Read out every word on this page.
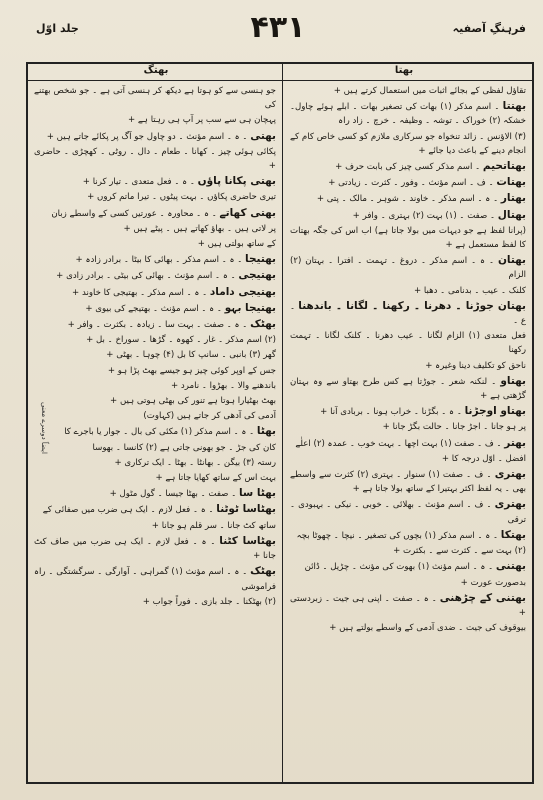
جلد اوّل	۴۳۱	فرہنگِ آصفیہ
بھتا
بھتگ
تقاؤل لفظی کے بجائے اثبات میں استعمال کرتے ہیں +
بھتتا ۔ اسم مذکر (۱) بھات کی تصغیر بھات ۔ ابلے ہوئے چاول۔ خشکہ (۲) خوراک ۔ توشہ ۔ وظیفہ ۔ خرچ ۔ زاد راہ
(۳) الاؤنس ۔ زائد تنخواہ جو سرکاری ملازم کو کسی خاص کام کے انجام دینے کے باعث دیا جائے +
بھتاتحیم ۔ اسم مذکر کسی چیز کی بابت حرف +
بھتات ۔ ف ۔ اسم مؤنث ۔ وفور ۔ کثرت ۔ زیادتی +
بھتار ۔ ہ ۔ اسم مذکر ۔ خاوند ۔ شوہر ۔ مالک ۔ پتی +
بھتال ۔ صفت ۔ (۱) بہت (۲) بہتری ۔ وافر +
(پرانا لفظ ہے جو دیہات میں بولا جاتا ہے) اب اس کی جگہ بھتات کا لفظ مستعمل ہے +
بھتان ۔ ہ ۔ اسم مذکر ۔ دروغ ۔ تہمت ۔ افترا ۔ بہتان (۲) الزام
کلنک ۔ عیب ۔ بدنامی ۔ دھبا +
بھتان جوڑنا ۔ دھرنا ۔ رکھنا ۔ لگانا ۔ باندھنا ۔ ع ۔
فعل متعدی (۱) الزام لگانا ۔ عیب دھرنا ۔ کلنک لگانا ۔ تہمت رکھنا
ناحق کو تکلیف دینا وغیرہ +
بھتاو ۔ لنکنہ شعر ۔ جوڑتا ہے کس طرح بھتاو سے وہ بہتان گڑھتی ہے +
بھتاو اوجڑنا ۔ ہ ۔ بگڑنا ۔ خراب ہونا ۔ بربادی آنا +
پر ہو جانا ۔ اجڑ جانا ۔ حالت بگڑ جانا +
بھتر ۔ ف ۔ صفت (۱) بہت اچھا ۔ بہت خوب ۔ عمدہ (۲) اعلٰے
افضل ۔ اوّل درجہ کا +
بھتری ۔ ف ۔ صفت (۱) سنوار ۔ بہتری (۲) کثرت سے واسطے بھی ۔ یہ لفظ اکثر بہتیرا کے ساتھ بولا جاتا ہے +
بھتری ۔ ف ۔ اسم مؤنث ۔ بھلائی ۔ خوبی ۔ نیکی ۔ بہبودی ۔ ترقی
بھتکا ۔ ہ ۔ اسم مذکر (۱) بچوں کی تصغیر ۔ نیچا ۔ چھوٹا بچہ
(۲) بہت سے ۔ کثرت سے ۔ بکثرت +
بھتنی ۔ ہ ۔ اسم مؤنث (۱) بھوت کی مؤنث ۔ چڑیل ۔ ڈائن
بدصورت عورت +
بھتنی کے چڑھنی ۔ ہ ۔ صفت ۔ اپنی ہی جیت ۔ زبردستی +
بیوقوف کی جیت ۔ ضدی آدمی کے واسطے بولتے ہیں +
جو ہنسی سے کو ہوتا ہے دیکھ کر ہنسی آتی ہے ۔ جو شخص بھتنے کی
پہچان ہی سے سب پر آپ ہی رہتا ہے +
بھتی ۔ ہ ۔ اسم مؤنث ۔ دو چاول جو آگ پر پکائے جاتے ہیں +
پکائی ہوئی چیز ۔ کھانا ۔ طعام ۔ دال ۔ روٹی ۔ کھچڑی ۔ حاضری +
بھتی پکانا پاؤں ۔ ہ ۔ فعل متعدی ۔ تیار کرنا +
تیری حاضری پکاؤں ۔ بہت پیٹوں ۔ تیرا ماتم کروں +
بھتی کھاتے ۔ ہ ۔ محاورہ ۔ عورتیں کسی کے واسطے زبان
پر لاتی ہیں ۔ بھاؤ کھاتے ہیں ۔ پیٹے ہیں +
کے ساتھ بولتی ہیں +
بھتیجا ۔ ہ ۔ اسم مذکر ۔ بھائی کا بیٹا ۔ برادر زادہ +
بھتیجی ۔ ہ ۔ اسم مؤنث ۔ بھائی کی بیٹی ۔ برادر زادی +
بھتیجی داماد ۔ ہ ۔ اسم مذکر ۔ بھتیجی کا خاوند +
بھتیجا بہو ۔ ہ ۔ اسم مؤنث ۔ بھتیجے کی بیوی +
بھٹک ۔ ہ ۔ صفت ۔ بہت سا ۔ زیادہ ۔ بکثرت ۔ وافر +
(۲) اسم مذکر ۔ غار ۔ کھوہ ۔ گڑھا ۔ سوراخ ۔ بل +
گھر (۳) بانبی ۔ سانپ کا بل (۴) چوہا ۔ بھٹی +
جس کے اوپر کوئی چیز ہو جیسے بھٹ پڑا ہو +
باندھنے والا ۔ بھڑوا ۔ نامرد +
بھٹ بھٹیارا ہوتا ہے تنور کی بھٹی ہوتی ہیں +
آدمی کی آدھی کر جاتے ہیں (کہاوت)
بھٹا ۔ ہ ۔ اسم مذکر (۱) مکئی کی بال ۔ جوار یا باجرے کا
کان کی جڑ ۔ جو بھونی جاتی ہے (۲) کانسا ۔ بھوسا
رستہ (۳) بیگن ۔ بھانٹا ۔ بھٹا ۔ ایک ترکاری +
بہت اس کے ساتھ کھایا جاتا ہے +
بھٹا سا ۔ صفت ۔ بھٹا جیسا ۔ گول مٹول +
بھٹاسا ٹوٹنا ۔ ہ ۔ فعل لازم ۔ ایک ہی ضرب میں صفائی کے
ساتھ کٹ جانا ۔ سر قلم ہو جانا +
بھٹاسا کٹنا ۔ ہ ۔ فعل لازم ۔ ایک ہی ضرب میں صاف کٹ جانا +
بھٹک ۔ ہ ۔ اسم مؤنث (۱) گمراہی ۔ آوارگی ۔ سرگشتگی ۔ راہ فراموشی
(۲) بھٹکنا ۔ جلد بازی ۔ فوراً جواب +
ایضاً دوسرے معنی
